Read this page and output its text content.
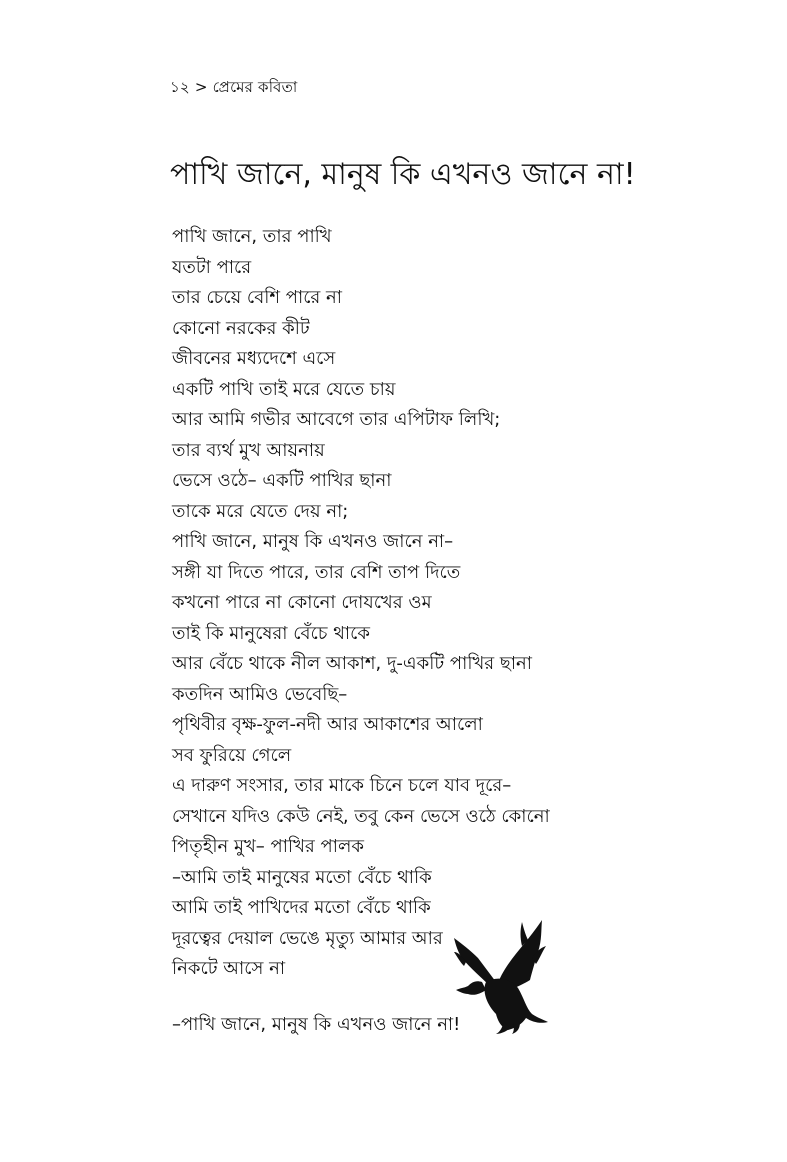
১২ > প্রেমের কবিতা
পাখি জানে, মানুষ কি এখনও জানে না!
পাখি জানে, তার পাখি
যতটা পারে
তার চেয়ে বেশি পারে না
কোনো নরকের কীট
জীবনের মধ্যদেশে এসে
একটি পাখি তাই মরে যেতে চায়
আর আমি গভীর আবেগে তার এপিটাফ লিখি;
তার ব্যর্থ মুখ আয়নায়
ভেসে ওঠে– একটি পাখির ছানা
তাকে মরে যেতে দেয় না;
পাখি জানে, মানুষ কি এখনও জানে না–
সঙ্গী যা দিতে পারে, তার বেশি তাপ দিতে
কখনো পারে না কোনো দোযখের ওম
তাই কি মানুষেরা বেঁচে থাকে
আর বেঁচে থাকে নীল আকাশ, দু-একটি পাখির ছানা
কতদিন আমিও ভেবেছি–
পৃথিবীর বৃক্ষ-ফুল-নদী আর আকাশের আলো
সব ফুরিয়ে গেলে
এ দারুণ সংসার, তার মাকে চিনে চলে যাব দূরে–
সেখানে যদিও কেউ নেই, তবু কেন ভেসে ওঠে কোনো
পিতৃহীন মুখ– পাখির পালক
–আমি তাই মানুষের মতো বেঁচে থাকি
আমি তাই পাখিদের মতো বেঁচে থাকি
দূরত্বের দেয়াল ভেঙে মৃত্যু আমার আর
নিকটে আসে না
–পাখি জানে, মানুষ কি এখনও জানে না!
